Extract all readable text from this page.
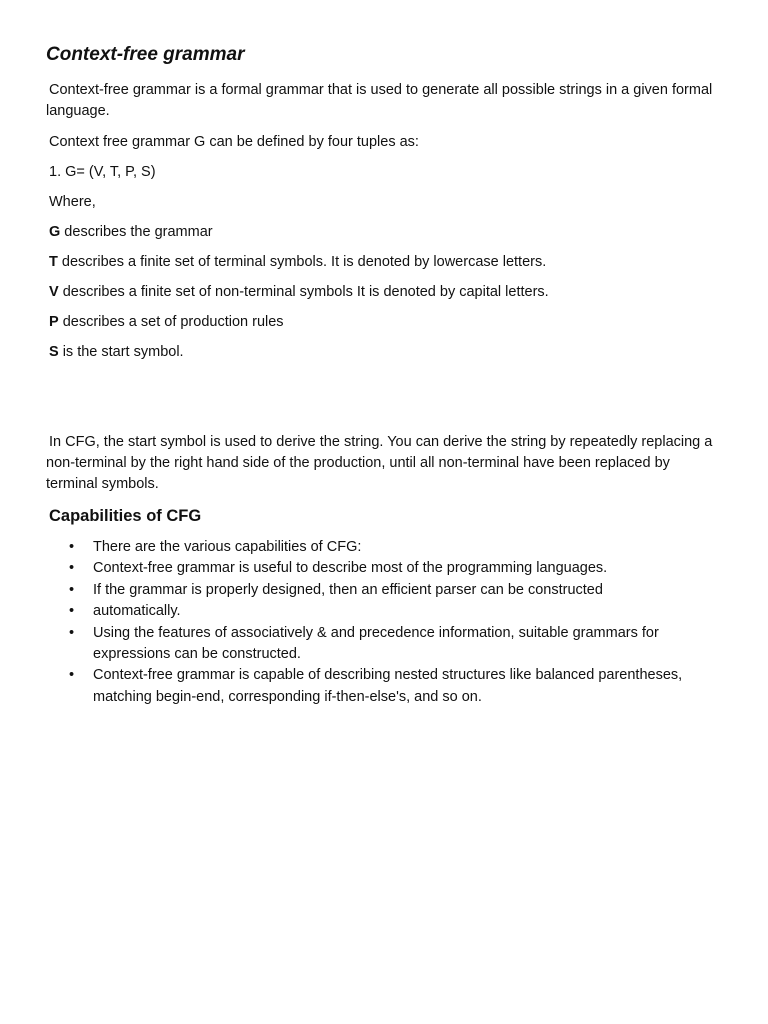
Context-free grammar

Context-free grammar is a formal grammar that is used to generate all possible strings in a given formal language.

Context free grammar G can be defined by four tuples as:

1. G= (V, T, P, S)

Where,

G describes the grammar

T describes a finite set of terminal symbols. It is denoted by lowercase letters.

V describes a finite set of non-terminal symbols It is denoted by capital letters.

P describes a set of production rules

S is the start symbol.

In CFG, the start symbol is used to derive the string. You can derive the string by repeatedly replacing a non-terminal by the right hand side of the production, until all non-terminal have been replaced by terminal symbols.

Capabilities of CFG
• There are the various capabilities of CFG:
• Context-free grammar is useful to describe most of the programming languages.
• If the grammar is properly designed, then an efficient parser can be constructed
• automatically.
• Using the features of associatively & and precedence information, suitable grammars for expressions can be constructed.
• Context-free grammar is capable of describing nested structures like balanced parentheses, matching begin-end, corresponding if-then-else's, and so on.
